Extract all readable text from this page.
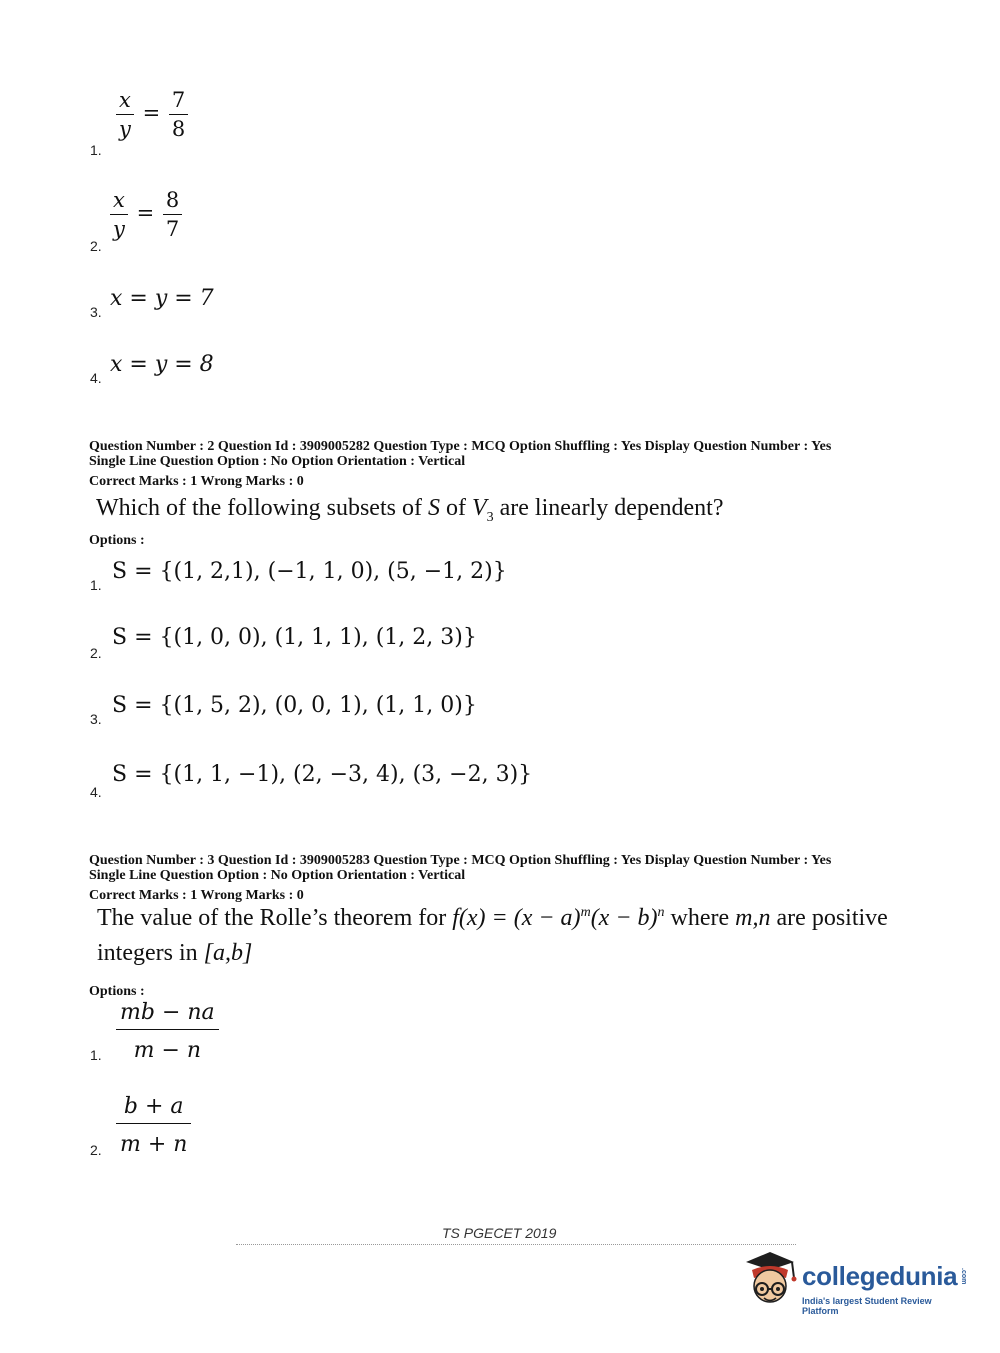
1.
$\frac{x}{y} = \frac{7}{8}$
2.
$\frac{x}{y} = \frac{8}{7}$
3.
x = y = 7
4.
x = y = 8
Question Number : 2 Question Id : 3909005282 Question Type : MCQ Option Shuffling : Yes Display Question Number : Yes
Single Line Question Option : No Option Orientation : Vertical
Correct Marks : 1 Wrong Marks : 0
Which of the following subsets of S of $V_3$ are linearly dependent?
Options :
1.
S = {(1, 2,1), (−1, 1, 0), (5, −1, 2)}
2.
S = {(1, 0, 0), (1, 1, 1), (1, 2, 3)}
3.
S = {(1, 5, 2), (0, 0, 1), (1, 1, 0)}
4.
S = {(1, 1, −1), (2, −3, 4), (3, −2, 3)}
Question Number : 3 Question Id : 3909005283 Question Type : MCQ Option Shuffling : Yes Display Question Number : Yes
Single Line Question Option : No Option Orientation : Vertical
Correct Marks : 1 Wrong Marks : 0
The value of the Rolle’s theorem for $f(x) = (x - a)^m(x - b)^n$ where m,n are positive
integers in [a,b]
Options :
1. $\frac{mb - na}{m - n}$
2. $\frac{b + a}{m + n}$
TS PGECET 2019
collegedunia .com
India's largest Student Review Platform
